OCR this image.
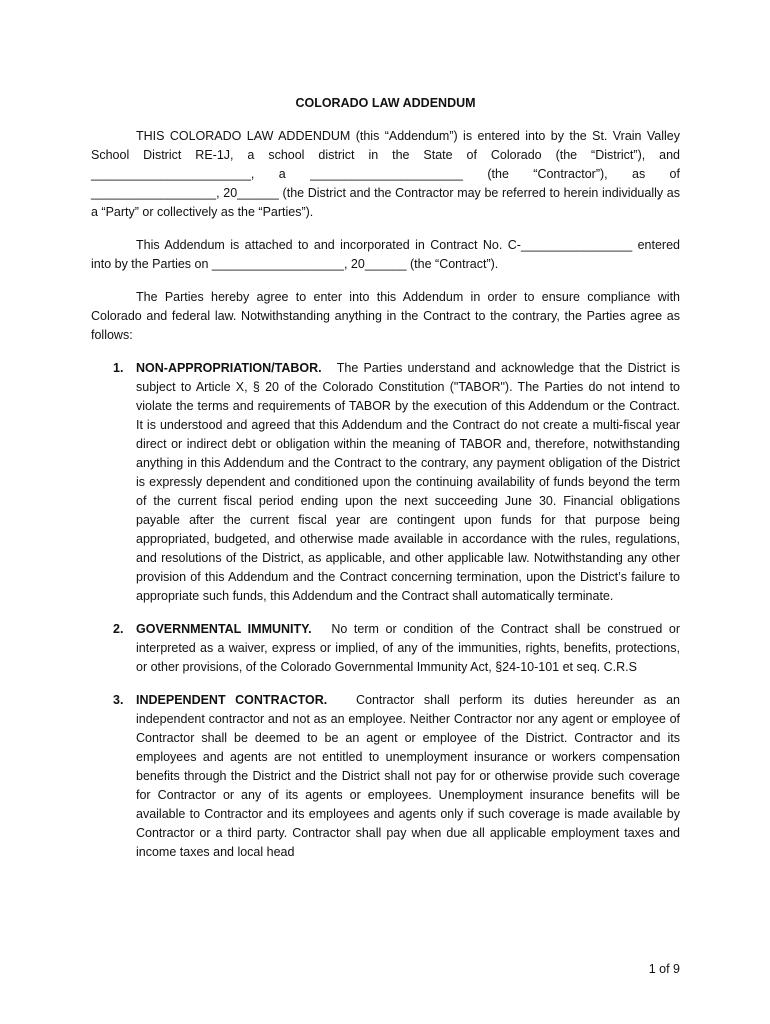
COLORADO LAW ADDENDUM

THIS COLORADO LAW ADDENDUM (this “Addendum”) is entered into by the St. Vrain Valley School District RE-1J, a school district in the State of Colorado (the “District”), and _______________________, a ______________________ (the “Contractor”), as of __________________, 20______ (the District and the Contractor may be referred to herein individually as a “Party” or collectively as the “Parties”).

This Addendum is attached to and incorporated in Contract No. C-________________ entered into by the Parties on ___________________, 20______ (the “Contract”).

The Parties hereby agree to enter into this Addendum in order to ensure compliance with Colorado and federal law. Notwithstanding anything in the Contract to the contrary, the Parties agree as follows:

1. NON-APPROPRIATION/TABOR.   The Parties understand and acknowledge that the District is subject to Article X, § 20 of the Colorado Constitution ("TABOR"). The Parties do not intend to violate the terms and requirements of TABOR by the execution of this Addendum or the Contract. It is understood and agreed that this Addendum and the Contract do not create a multi-fiscal year direct or indirect debt or obligation within the meaning of TABOR and, therefore, notwithstanding anything in this Addendum and the Contract to the contrary, any payment obligation of the District is expressly dependent and conditioned upon the continuing availability of funds beyond the term of the current fiscal period ending upon the next succeeding June 30. Financial obligations payable after the current fiscal year are contingent upon funds for that purpose being appropriated, budgeted, and otherwise made available in accordance with the rules, regulations, and resolutions of the District, as applicable, and other applicable law. Notwithstanding any other provision of this Addendum and the Contract concerning termination, upon the District’s failure to appropriate such funds, this Addendum and the Contract shall automatically terminate.
2. GOVERNMENTAL IMMUNITY.   No term or condition of the Contract shall be construed or interpreted as a waiver, express or implied, of any of the immunities, rights, benefits, protections, or other provisions, of the Colorado Governmental Immunity Act, §24-10-101 et seq. C.R.S
3. INDEPENDENT CONTRACTOR.   Contractor shall perform its duties hereunder as an independent contractor and not as an employee. Neither Contractor nor any agent or employee of Contractor shall be deemed to be an agent or employee of the District. Contractor and its employees and agents are not entitled to unemployment insurance or workers compensation benefits through the District and the District shall not pay for or otherwise provide such coverage for Contractor or any of its agents or employees. Unemployment insurance benefits will be available to Contractor and its employees and agents only if such coverage is made available by Contractor or a third party. Contractor shall pay when due all applicable employment taxes and income taxes and local head
1 of 9
